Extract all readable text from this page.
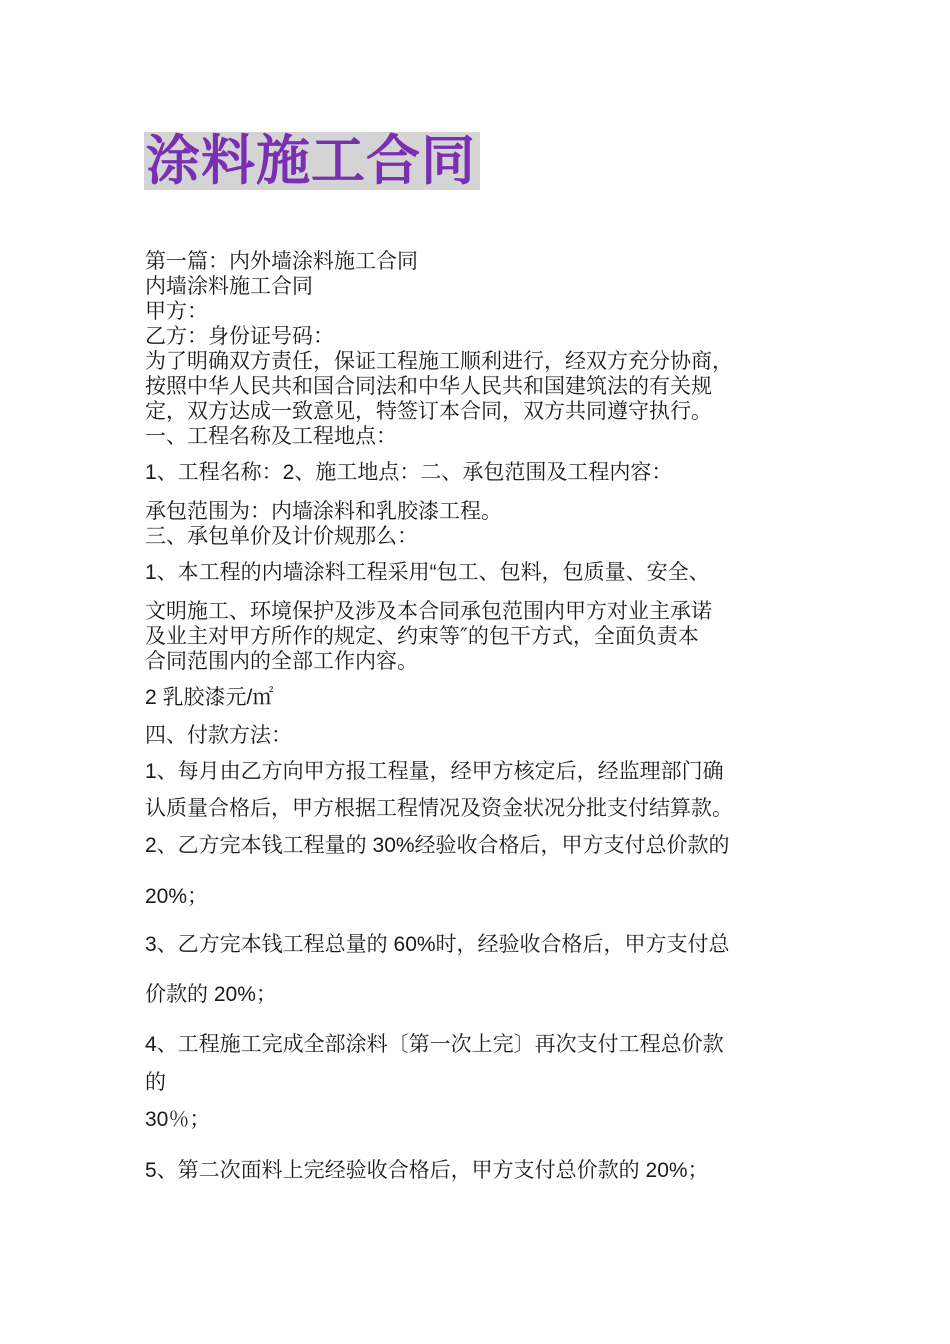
涂料施工合同
第一篇：内外墙涂料施工合同
内墙涂料施工合同
甲方：
乙方：身份证号码：
为了明确双方责任，保证工程施工顺利进行，经双方充分协商，
按照中华人民共和国合同法和中华人民共和国建筑法的有关规
定，双方达成一致意见，特签订本合同，双方共同遵守执行。
一、工程名称及工程地点：
1、工程名称：2、施工地点：二、承包范围及工程内容：
承包范围为：内墙涂料和乳胶漆工程。
三、承包单价及计价规那么：
1、本工程的内墙涂料工程采用“包工、包料，包质量、安全、
文明施工、环境保护及涉及本合同承包范围内甲方对业主承诺
及业主对甲方所作的规定、约束等″的包干方式，全面负责本
合同范围内的全部工作内容。
2 乳胶漆元/㎡
四、付款方法：
1、每月由乙方向甲方报工程量，经甲方核定后，经监理部门确
认质量合格后，甲方根据工程情况及资金状况分批支付结算款。
2、乙方完本钱工程量的 30%经验收合格后，甲方支付总价款的
20%；
3、乙方完本钱工程总量的 60%时，经验收合格后，甲方支付总
价款的 20%；
4、工程施工完成全部涂料〔第一次上完〕再次支付工程总价款
的
30％；
5、第二次面料上完经验收合格后，甲方支付总价款的 20%；
